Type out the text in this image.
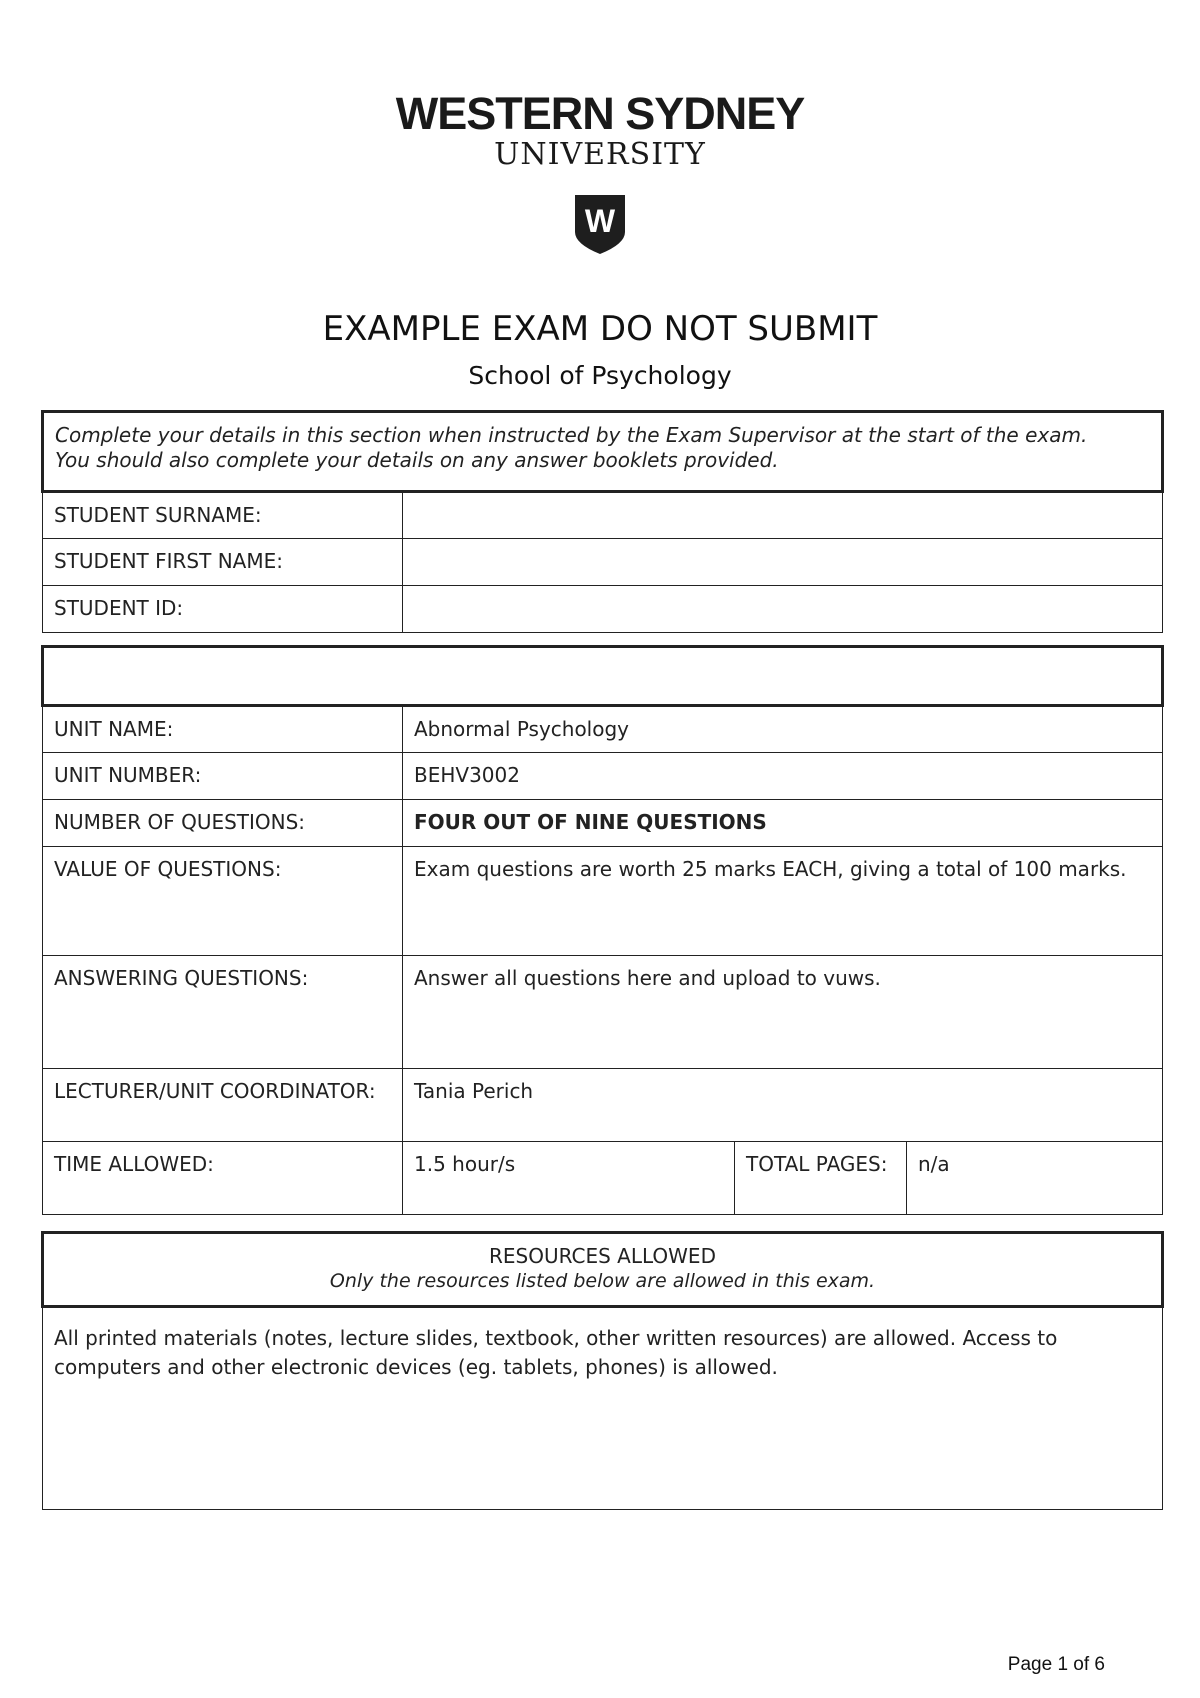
WESTERN SYDNEY
UNIVERSITY
W
EXAMPLE EXAM DO NOT SUBMIT
School of Psychology
Complete your details in this section when instructed by the Exam Supervisor at the start of the exam.
You should also complete your details on any answer booklets provided.	

STUDENT SURNAME:	
STUDENT FIRST NAME:	
STUDENT ID:	

UNIT NAME:	Abnormal Psychology		
UNIT NUMBER:	BEHV3002		
NUMBER OF QUESTIONS:	FOUR OUT OF NINE QUESTIONS		
VALUE OF QUESTIONS:	Exam questions are worth 25 marks EACH, giving a total of 100 marks.		
ANSWERING QUESTIONS:	Answer all questions here and upload to vuws.		
LECTURER/UNIT COORDINATOR:	Tania Perich		
TIME ALLOWED:	1.5 hour/s	TOTAL PAGES:	n/a
RESOURCES ALLOWED
Only the resources listed below are allowed in this exam.

All printed materials (notes, lecture slides, textbook, other written resources) are allowed. Access to computers and other electronic devices (eg. tablets, phones) is allowed.
Page 1 of 6
